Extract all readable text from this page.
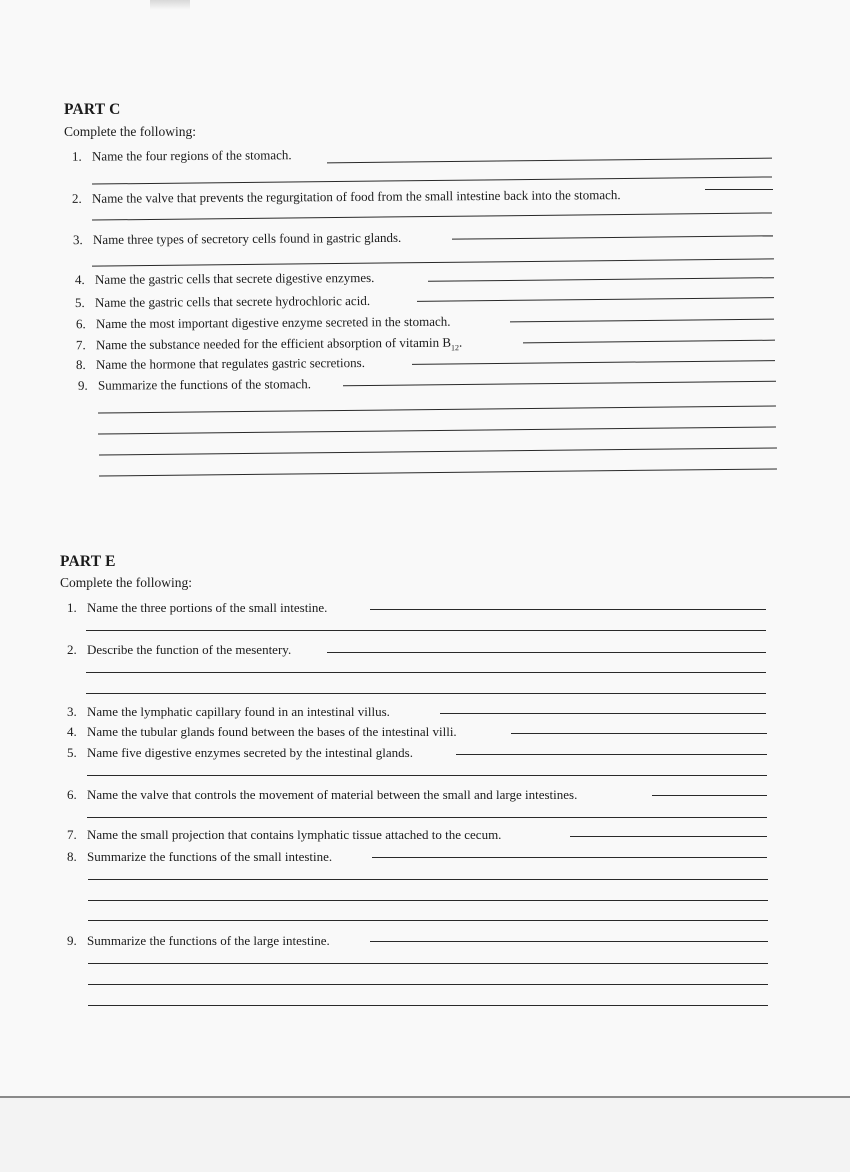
PART C
Complete the following:
1. Name the four regions of the stomach.
2. Name the valve that prevents the regurgitation of food from the small intestine back into the stomach.
3. Name three types of secretory cells found in gastric glands.
4. Name the gastric cells that secrete digestive enzymes.
5. Name the gastric cells that secrete hydrochloric acid.
6. Name the most important digestive enzyme secreted in the stomach.
7. Name the substance needed for the efficient absorption of vitamin $B_{12}$.
8. Name the hormone that regulates gastric secretions.
9. Summarize the functions of the stomach.
PART E
Complete the following:
1. Name the three portions of the small intestine.
2. Describe the function of the mesentery.
3. Name the lymphatic capillary found in an intestinal villus.
4. Name the tubular glands found between the bases of the intestinal villi.
5. Name five digestive enzymes secreted by the intestinal glands.
6. Name the valve that controls the movement of material between the small and large intestines.
7. Name the small projection that contains lymphatic tissue attached to the cecum.
8. Summarize the functions of the small intestine.
9. Summarize the functions of the large intestine.
